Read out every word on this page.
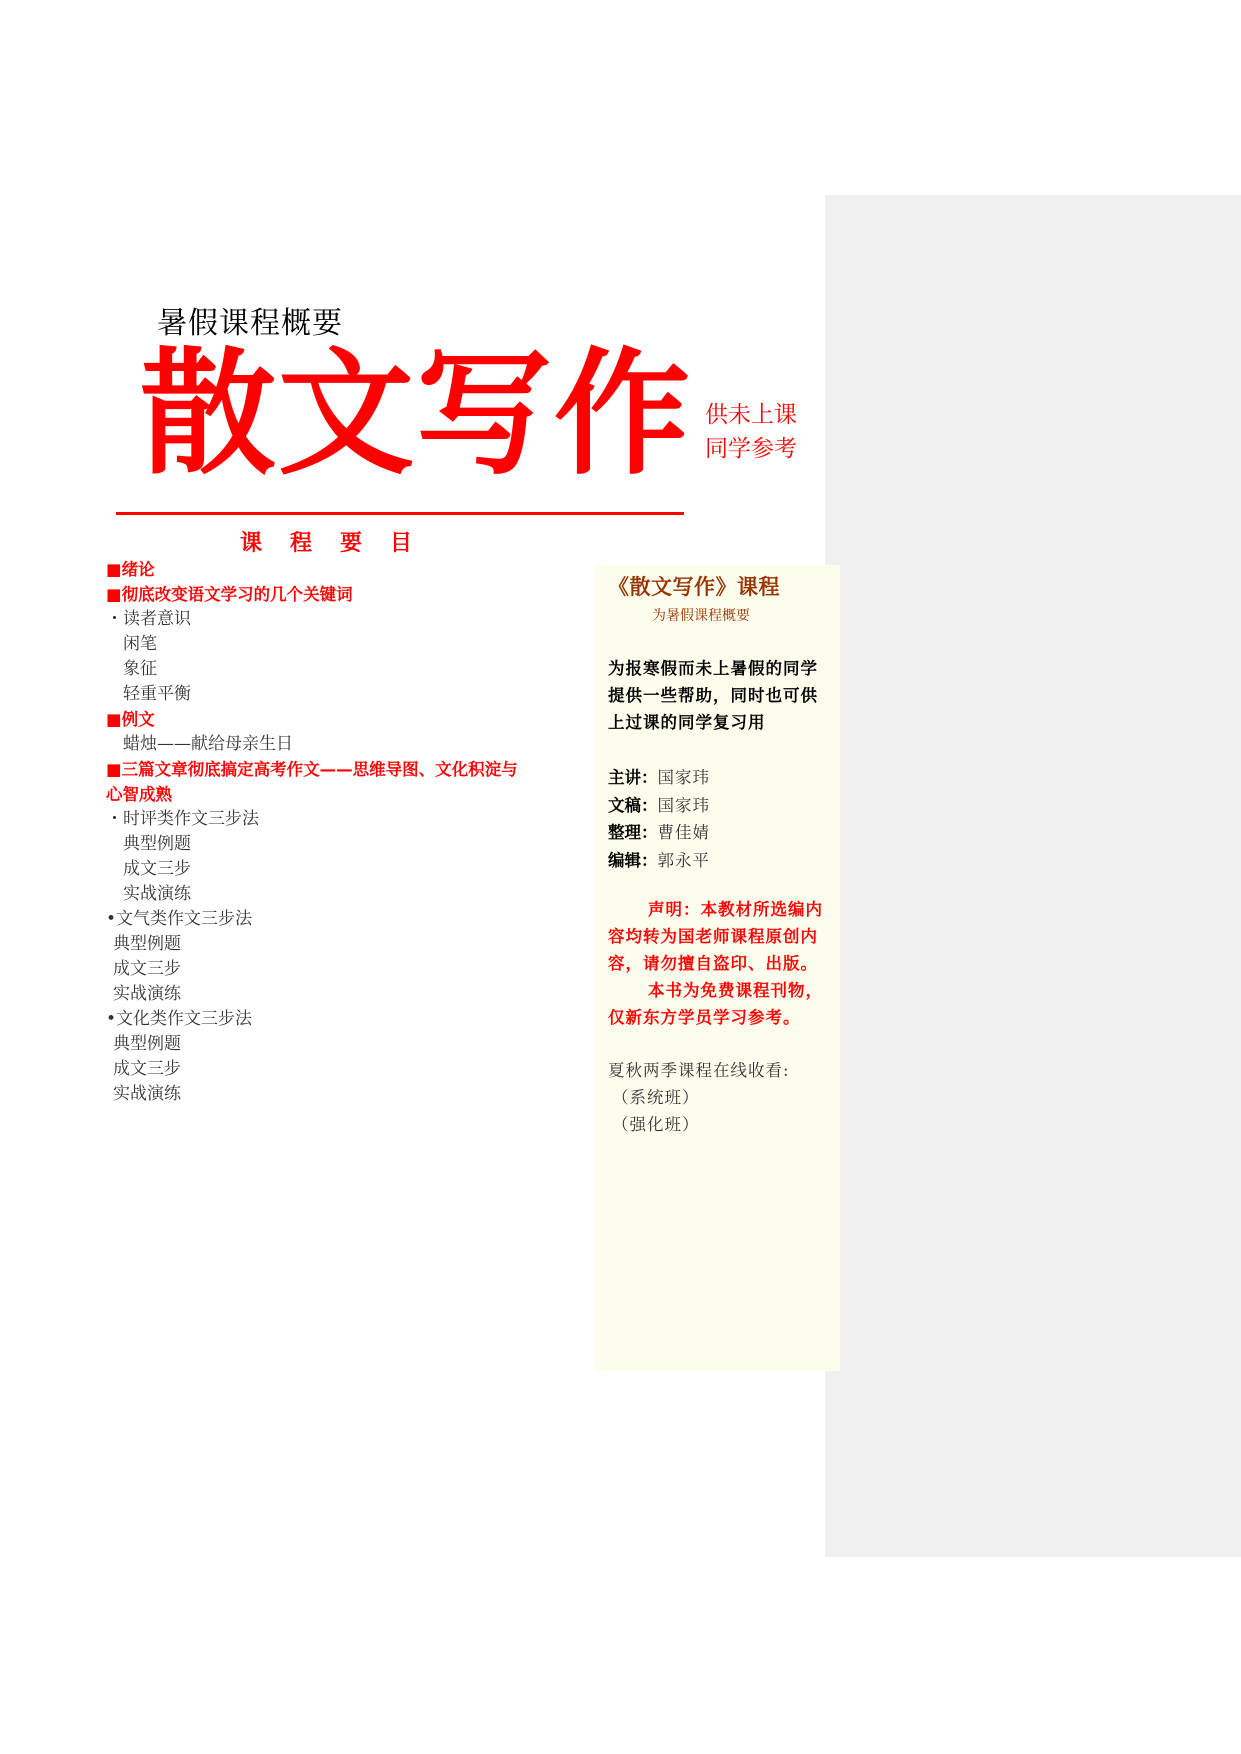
暑假课程概要
散文写作 供未上课
同学参考
课程要目
■绪论
■彻底改变语文学习的几个关键词
・读者意识
闲笔
象征
轻重平衡
■例文
蜡烛——献给母亲生日
■三篇文章彻底搞定高考作文——思维导图、文化积淀与心智成熟
・时评类作文三步法
典型例题
成文三步
实战演练
•文气类作文三步法
典型例题
成文三步
实战演练
•文化类作文三步法
典型例题
成文三步
实战演练
《散文写作》课程
为暑假课程概要
为报寒假而未上暑假的同学提供一些帮助，同时也可供上过课的同学复习用
主讲：国家玮
文稿：国家玮
整理：曹佳婧
编辑：郭永平

声明：本教材所选编内容均转为国老师课程原创内容，请勿擅自盗印、出版。

本书为免费课程刊物，仅新东方学员学习参考。

夏秋两季课程在线收看:
（系统班）
（强化班）
